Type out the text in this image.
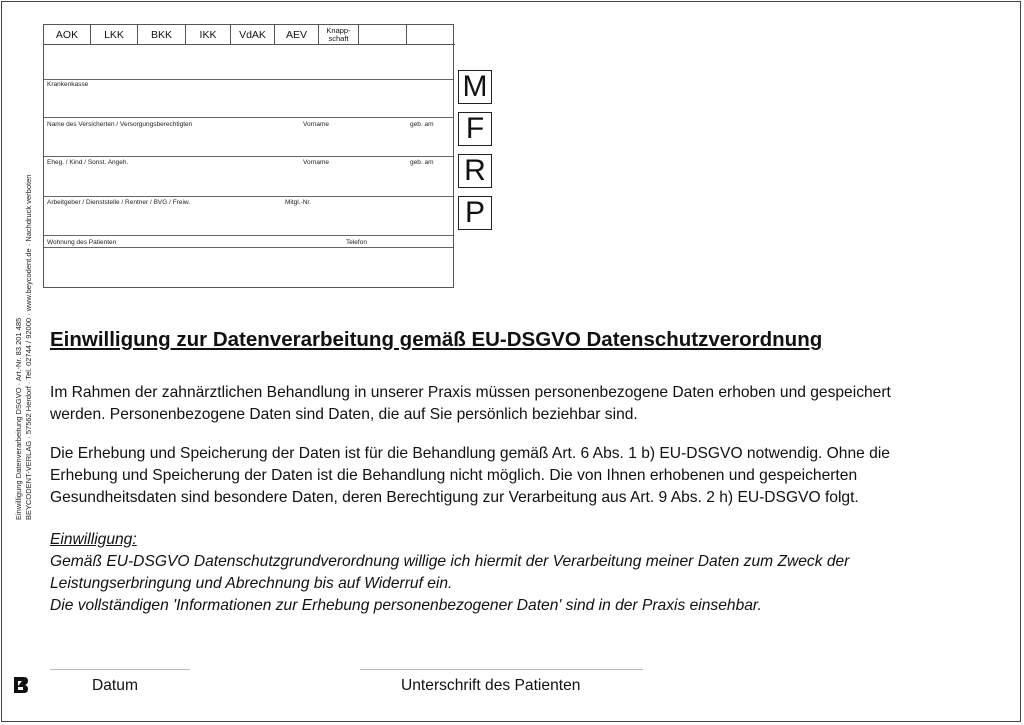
AOK	LKK	BKK	IKK	VdAK	AEV	Knapp-
schaft
Krankenkasse
Name des Versicherten / Versorgungsberechtigten	Vorname	geb. am
Eheg. / Kind / Sonst. Angeh.	Vorname	geb. am
Arbeitgeber / Dienststelle / Rentner / BVG / Freiw.	Mitgl.-Nr.
Wohnung des Patienten	Telefon
M
F
R
P
Einwilligung Datenverarbeitung DSGVO · Art.-Nr. 83 201 485 BEYCODENT-VERLAG · 57562 Herdorf · Tel. 02744 / 92000 · www.beycodent.de · Nachdruck verboten Einwilligung zur Datenverarbeitung gemäß EU-DSGVO Datenschutzverordnung
Im Rahmen der zahnärztlichen Behandlung in unserer Praxis müssen personenbezogene Daten erhoben und gespeichert
werden. Personenbezogene Daten sind Daten, die auf Sie persönlich beziehbar sind.
Die Erhebung und Speicherung der Daten ist für die Behandlung gemäß Art. 6 Abs. 1 b) EU-DSGVO notwendig. Ohne die
Erhebung und Speicherung der Daten ist die Behandlung nicht möglich. Die von Ihnen erhobenen und gespeicherten
Gesundheitsdaten sind besondere Daten, deren Berechtigung zur Verarbeitung aus Art. 9 Abs. 2 h) EU-DSGVO folgt.
Einwilligung:
Gemäß EU-DSGVO Datenschutzgrundverordnung willige ich hiermit der Verarbeitung meiner Daten zum Zweck der
Leistungserbringung und Abrechnung bis auf Widerruf ein.
Die vollständigen 'Informationen zur Erhebung personenbezogener Daten' sind in der Praxis einsehbar.
Datum	Unterschrift des Patienten
